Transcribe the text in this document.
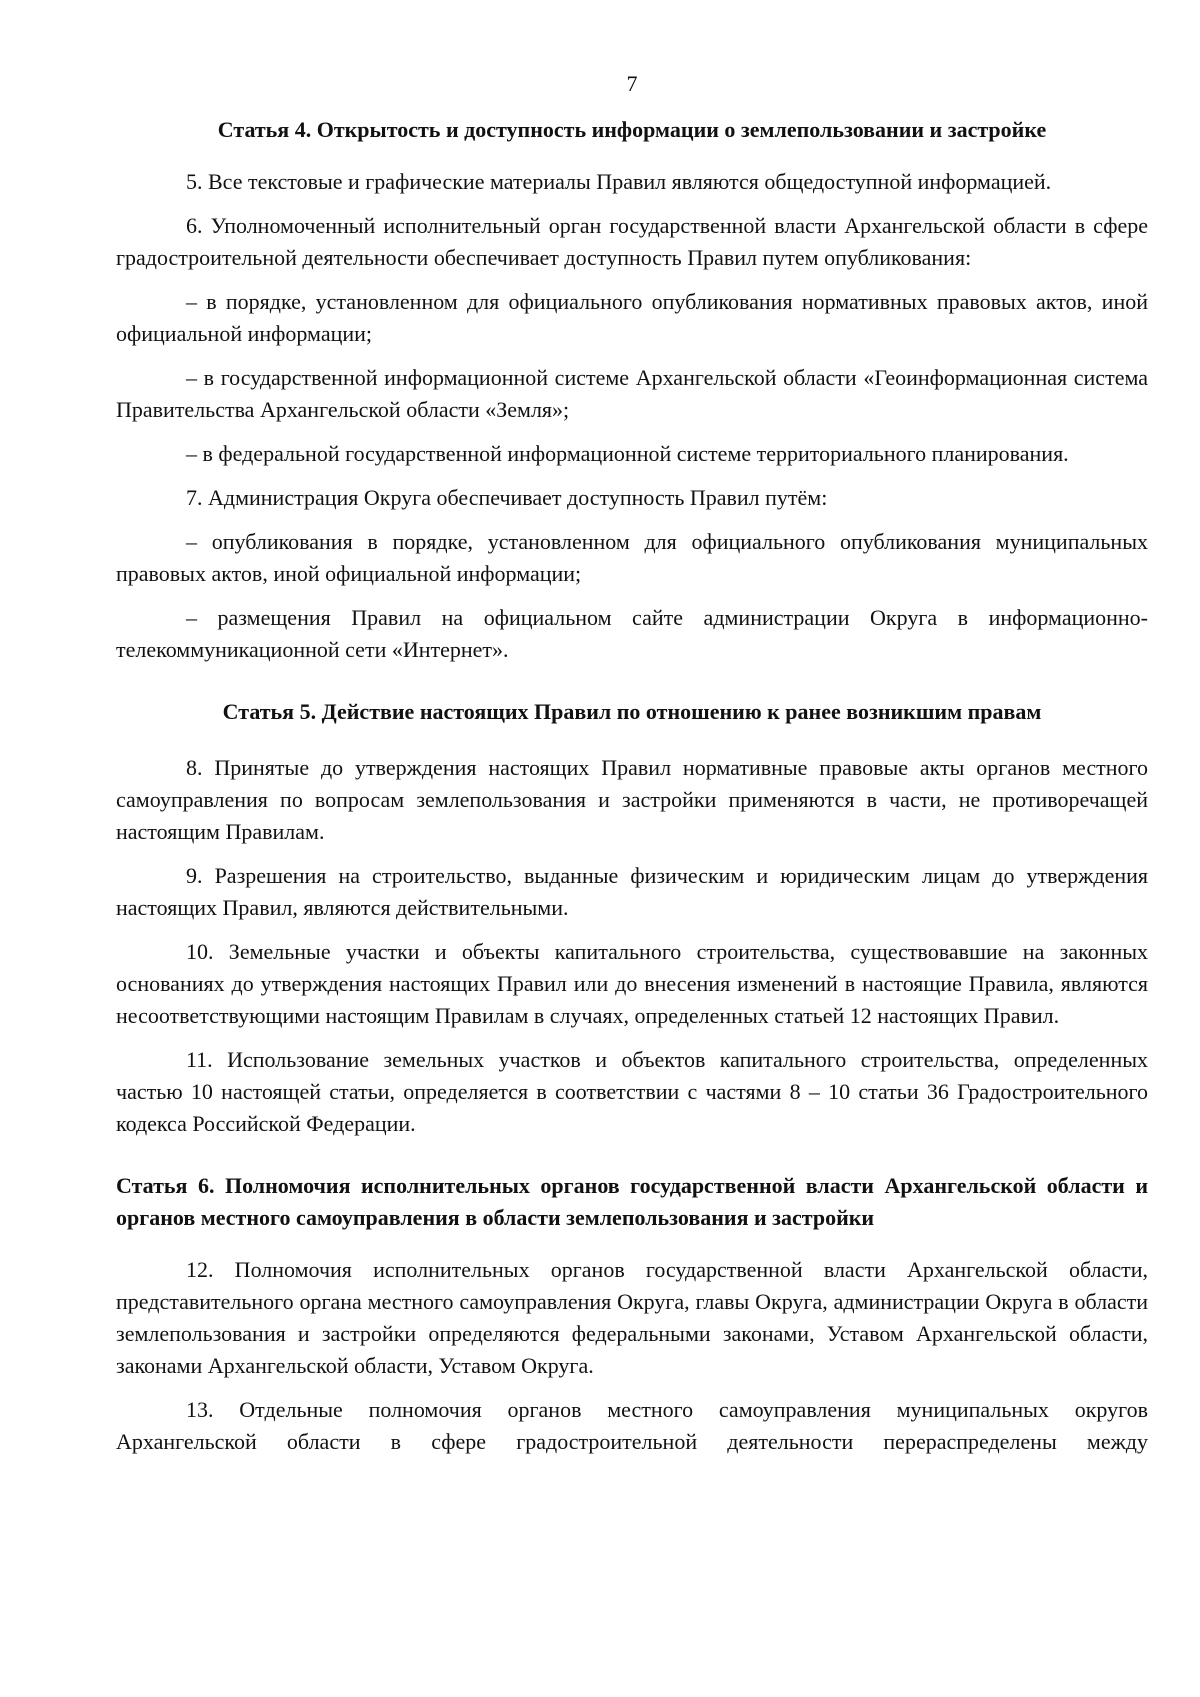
7
Статья 4. Открытость и доступность информации о землепользовании и застройке

5. Все текстовые и графические материалы Правил являются общедоступной информацией.

6. Уполномоченный исполнительный орган государственной власти Архангельской области в сфере градостроительной деятельности обеспечивает доступность Правил путем опубликования:

– в порядке, установленном для официального опубликования нормативных правовых актов, иной официальной информации;

– в государственной информационной системе Архангельской области «Геоинформационная система Правительства Архангельской области «Земля»;

– в федеральной государственной информационной системе территориального планирования.

7. Администрация Округа обеспечивает доступность Правил путём:

– опубликования в порядке, установленном для официального опубликования муниципальных правовых актов, иной официальной информации;

– размещения Правил на официальном сайте администрации Округа в информационно-телекоммуникационной сети «Интернет».

Статья 5. Действие настоящих Правил по отношению к ранее возникшим правам

8. Принятые до утверждения настоящих Правил нормативные правовые акты органов местного самоуправления по вопросам землепользования и застройки применяются в части, не противоречащей настоящим Правилам.

9. Разрешения на строительство, выданные физическим и юридическим лицам до утверждения настоящих Правил, являются действительными.

10. Земельные участки и объекты капитального строительства, существовавшие на законных основаниях до утверждения настоящих Правил или до внесения изменений в настоящие Правила, являются несоответствующими настоящим Правилам в случаях, определенных статьей 12 настоящих Правил.

11. Использование земельных участков и объектов капитального строительства, определенных частью 10 настоящей статьи, определяется в соответствии с частями 8 – 10 статьи 36 Градостроительного кодекса Российской Федерации.

Статья 6. Полномочия исполнительных органов государственной власти Архангельской области и органов местного самоуправления в области землепользования и застройки

12. Полномочия исполнительных органов государственной власти Архангельской области, представительного органа местного самоуправления Округа, главы Округа, администрации Округа в области землепользования и застройки определяются федеральными законами, Уставом Архангельской области, законами Архангельской области, Уставом Округа.

13. Отдельные полномочия органов местного самоуправления муниципальных округов Архангельской области в сфере градостроительной деятельности перераспределены между
